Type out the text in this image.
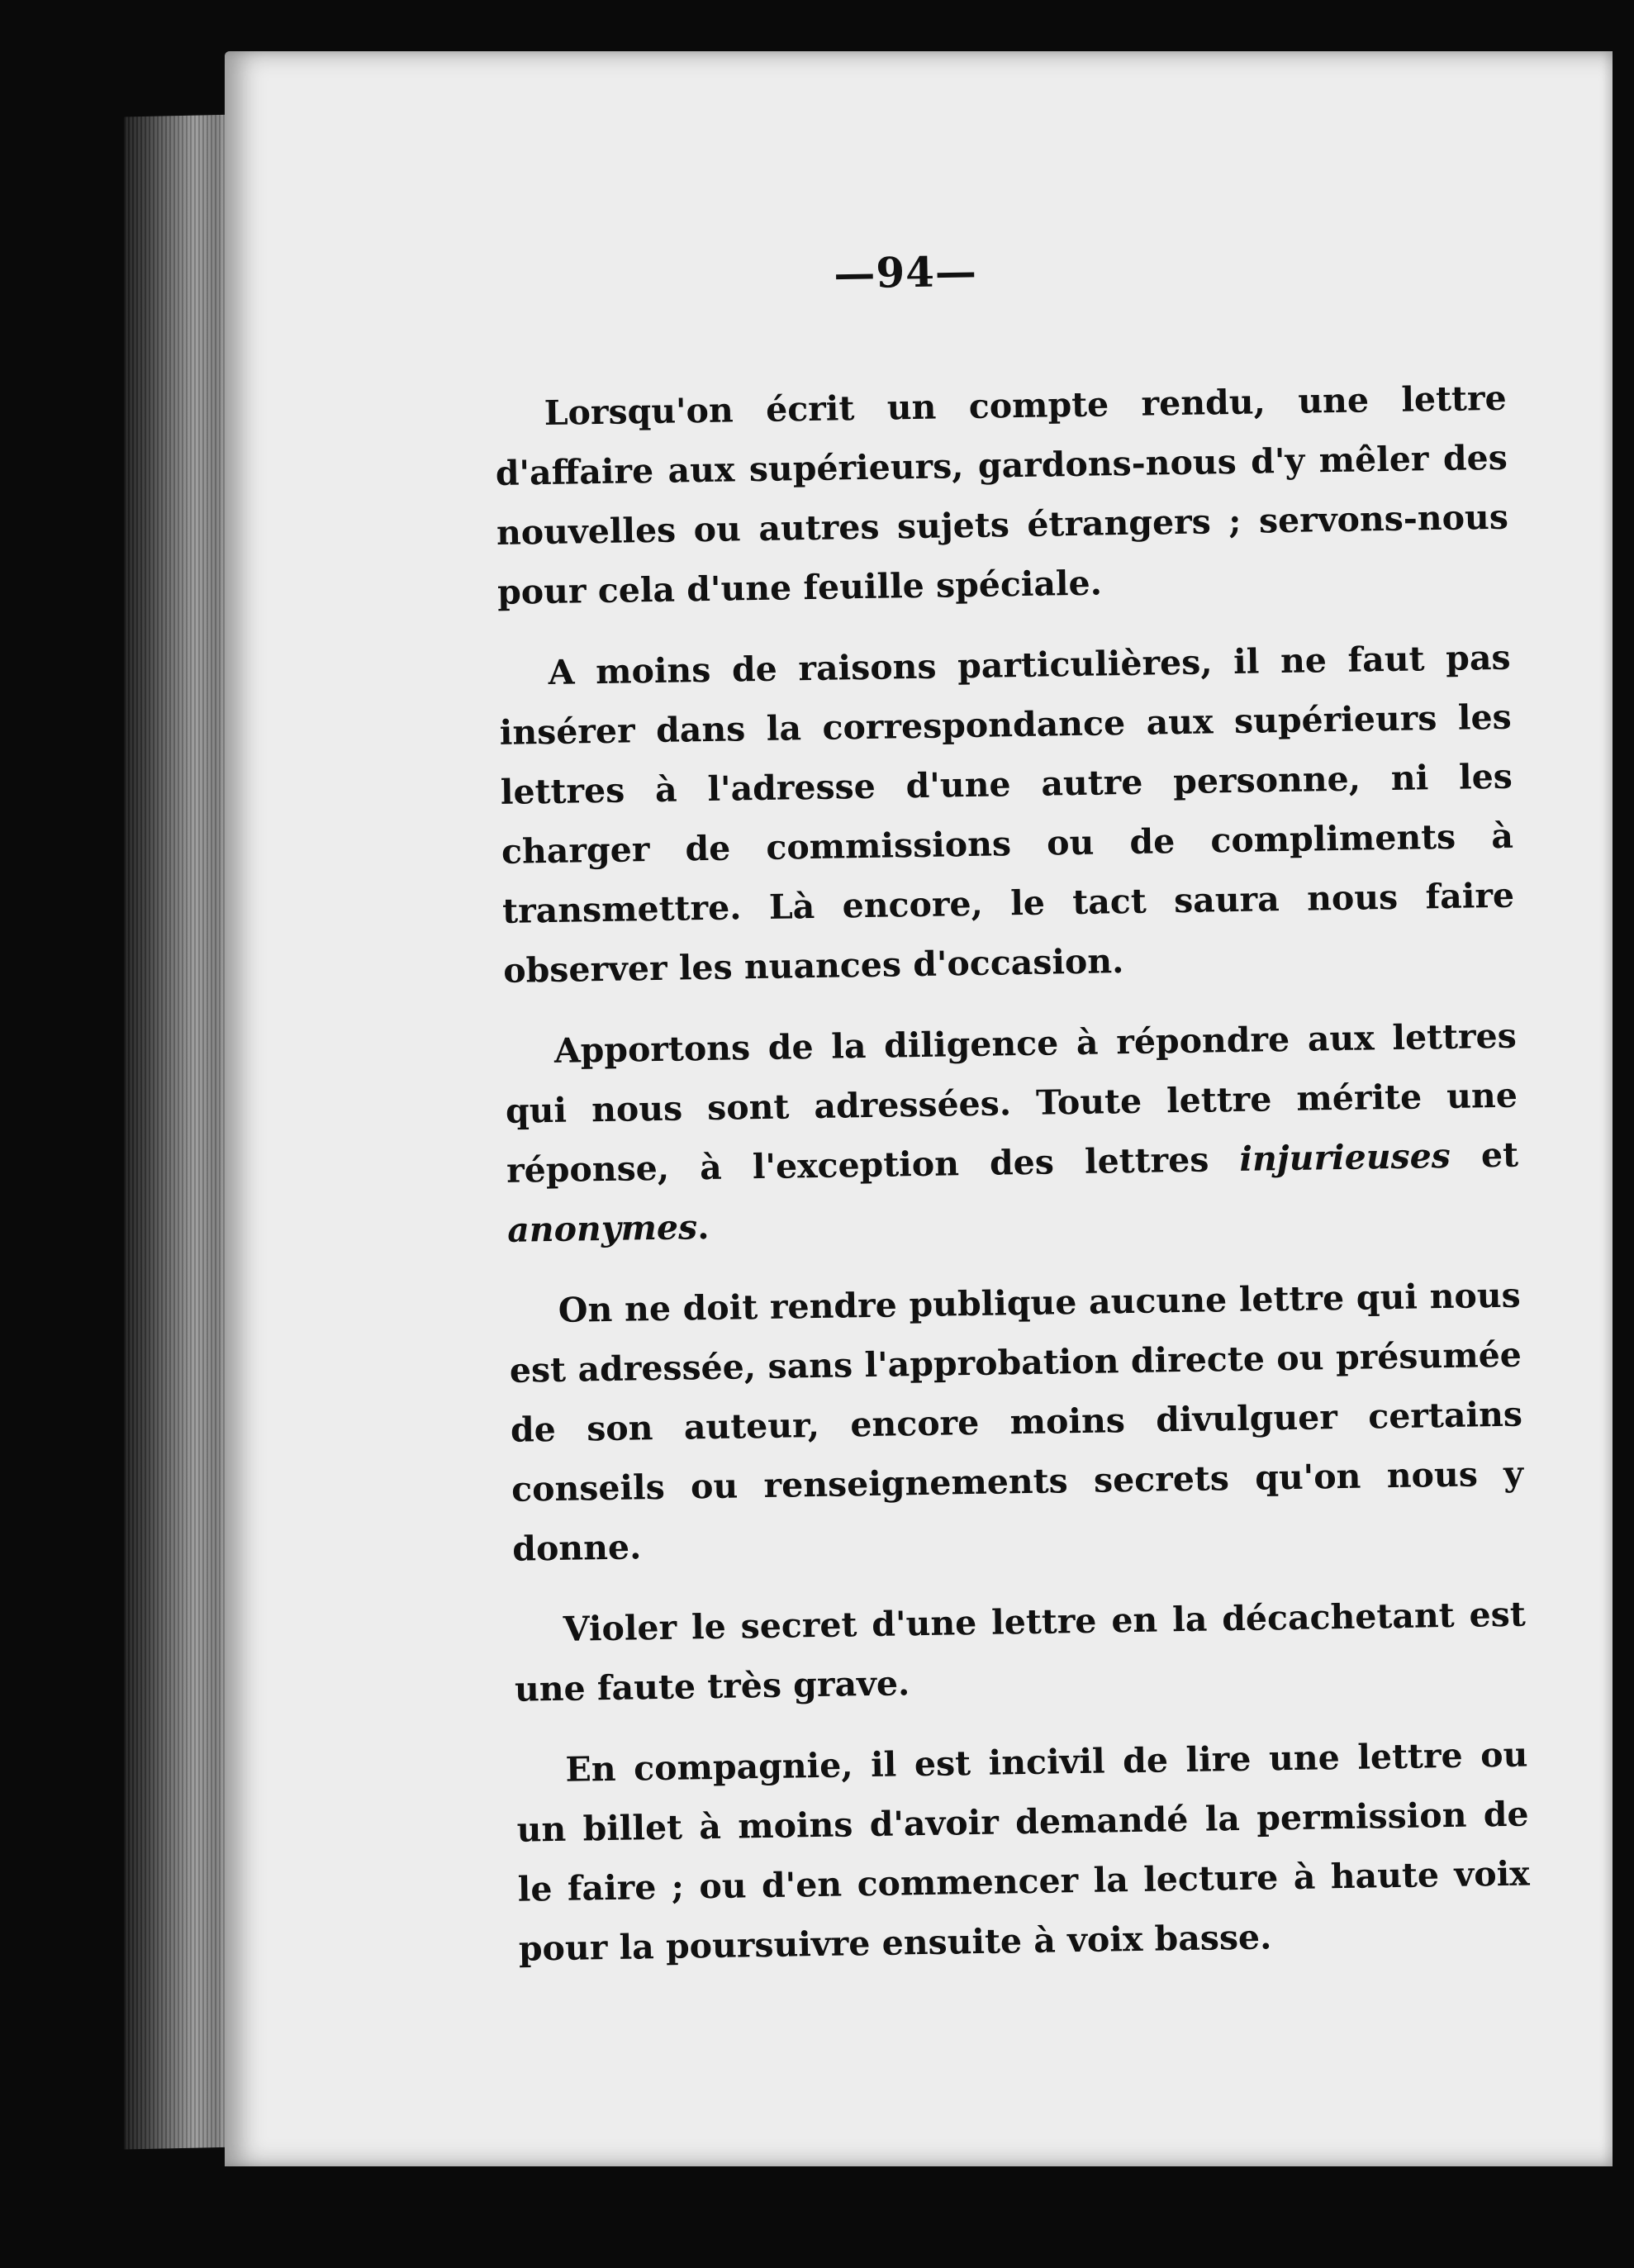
—94—

Lorsqu'on écrit un compte rendu, une lettre d'affaire aux supérieurs, gardons-nous d'y mêler des nouvelles ou autres sujets étrangers ; servons-nous pour cela d'une feuille spéciale.

A moins de raisons particulières, il ne faut pas insérer dans la correspondance aux supérieurs les lettres à l'adresse d'une autre personne, ni les charger de commissions ou de compliments à transmettre. Là encore, le tact saura nous faire observer les nuances d'occasion.

Apportons de la diligence à répondre aux lettres qui nous sont adressées. Toute lettre mérite une réponse, à l'exception des lettres injurieuses et anonymes.

On ne doit rendre publique aucune lettre qui nous est adressée, sans l'approbation directe ou présumée de son auteur, encore moins divulguer certains conseils ou renseignements secrets qu'on nous y donne.

Violer le secret d'une lettre en la décachetant est une faute très grave.

En compagnie, il est incivil de lire une lettre ou un billet à moins d'avoir demandé la permission de le faire ; ou d'en commencer la lecture à haute voix pour la poursuivre ensuite à voix basse.
